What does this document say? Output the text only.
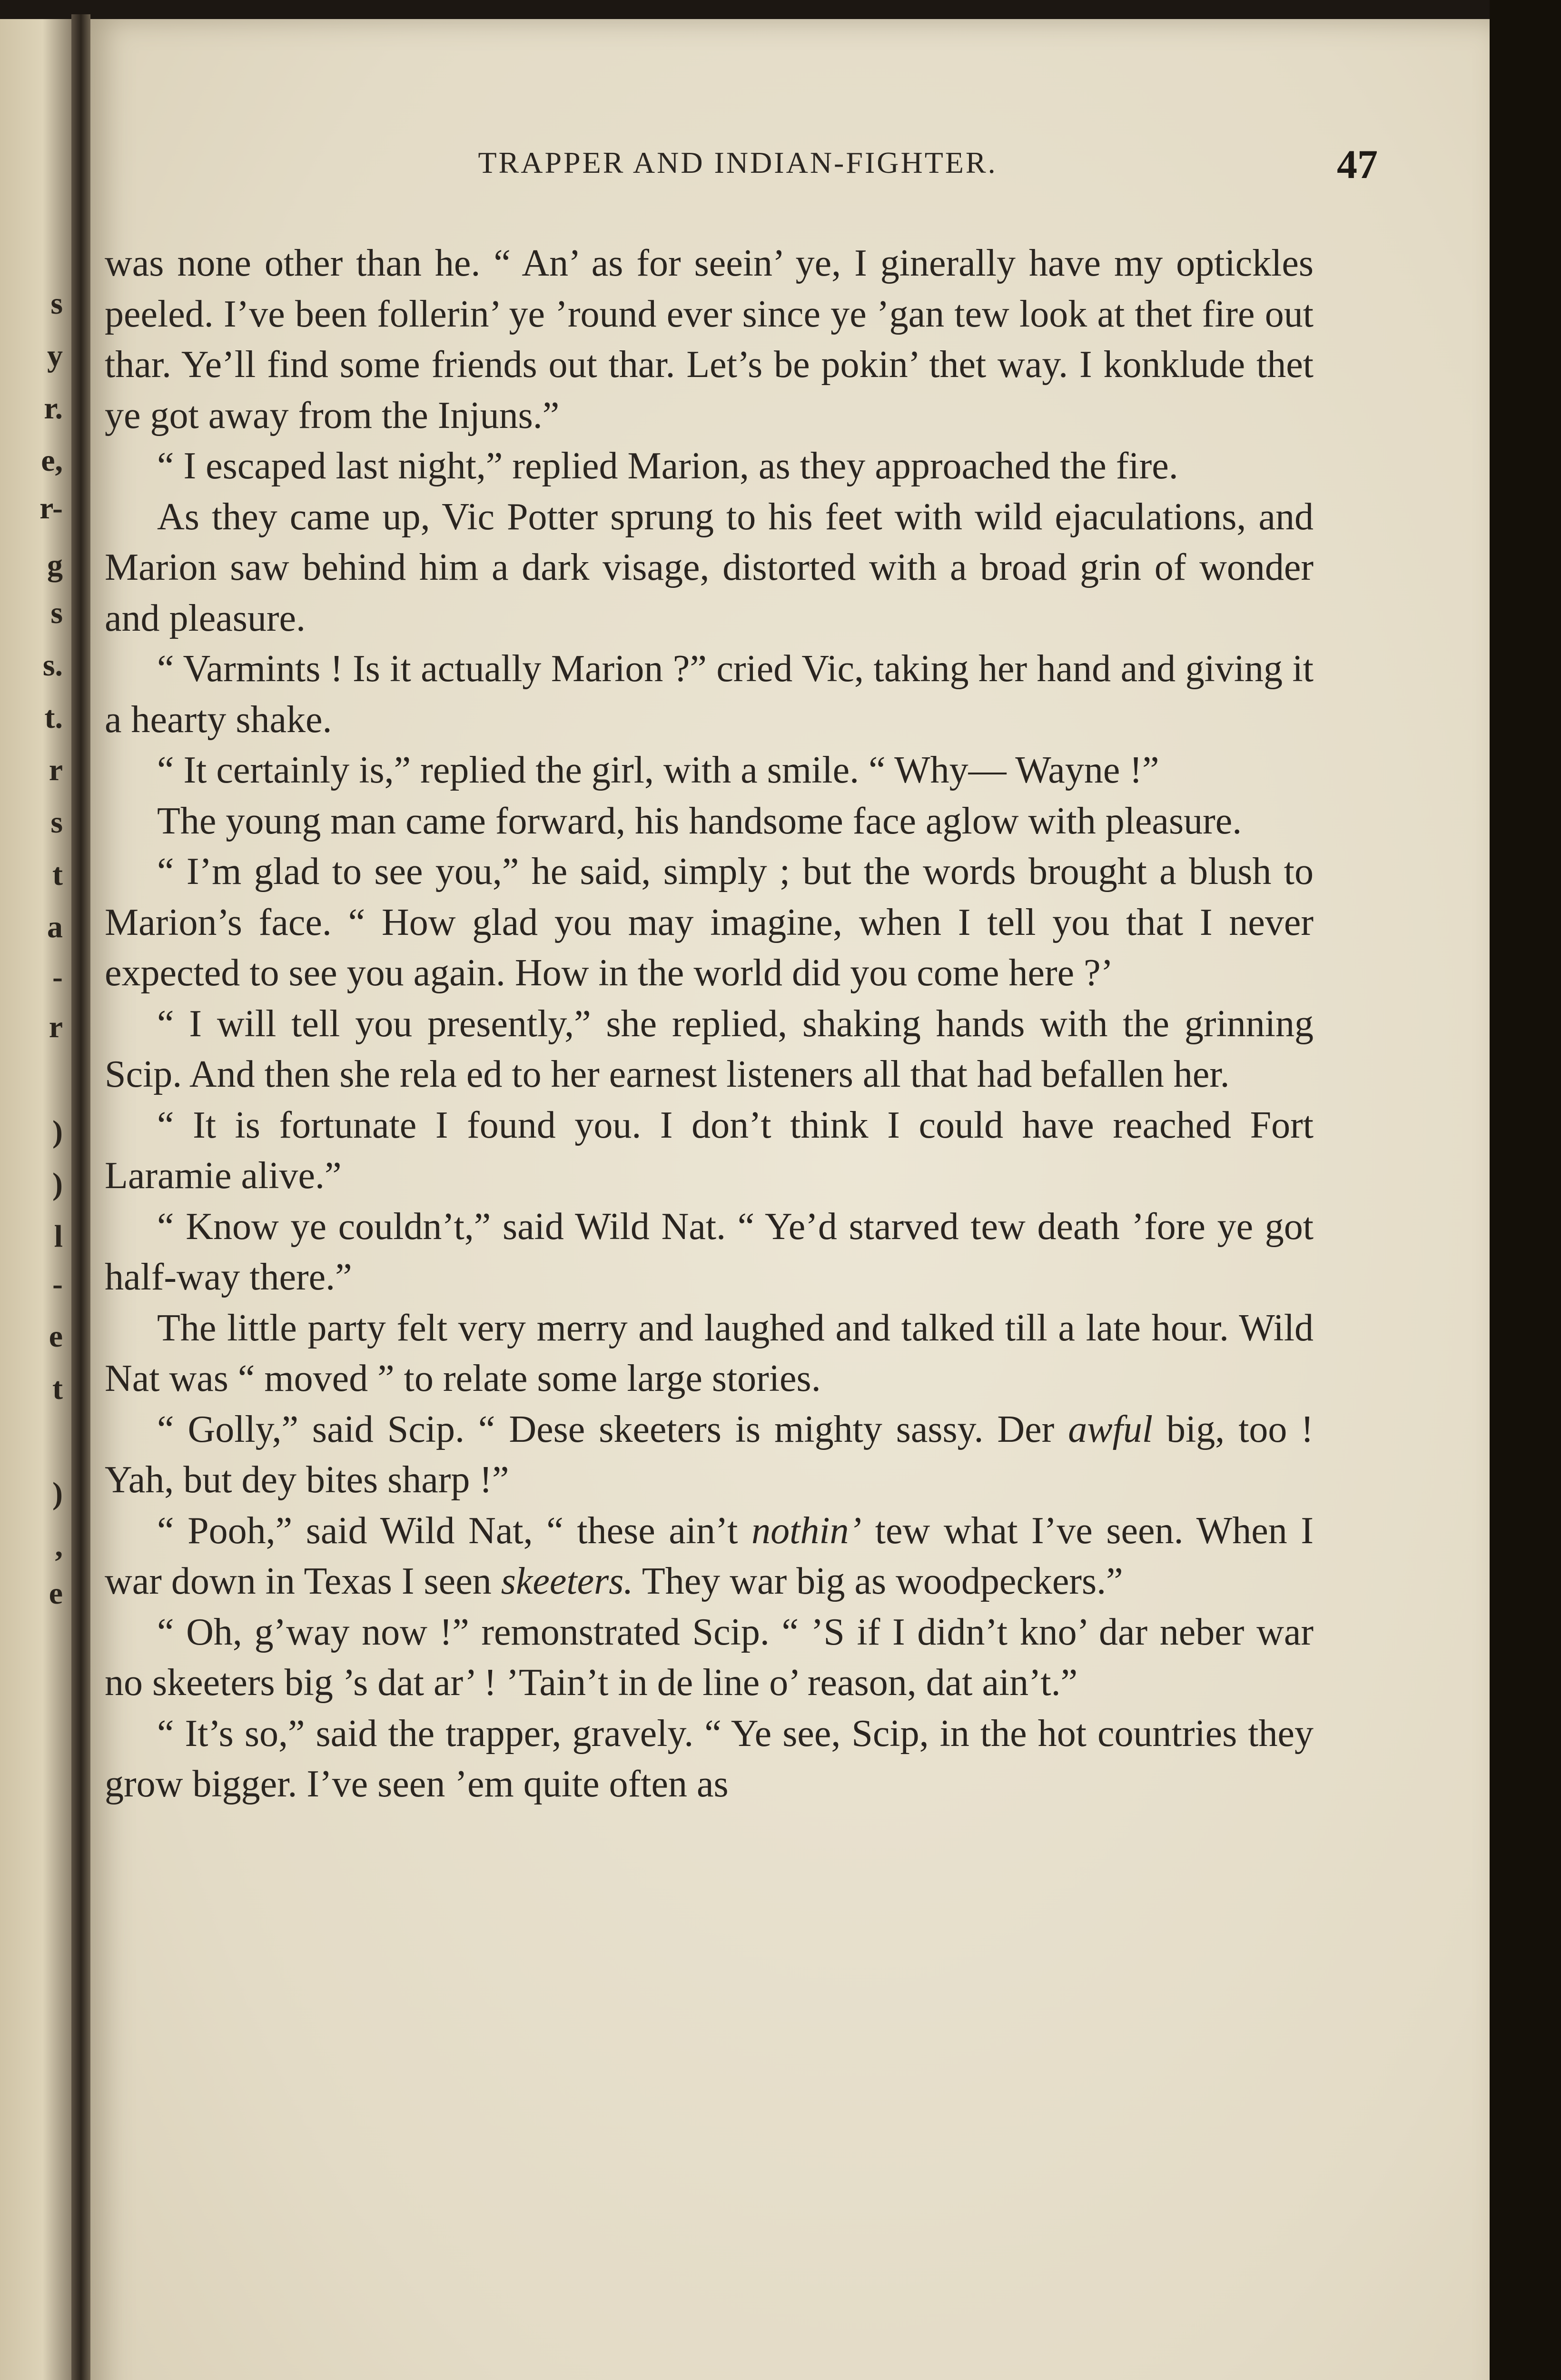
s
y
r.
e,
r-
g
s
s.
t.
r
s
t
a
-
r
)
)
l
-
e
t
)
,
e
TRAPPER AND INDIAN-FIGHTER.	47

was none other than he. “ An’ as for seein’ ye, I ginerally have my optickles peeled. I’ve been follerin’ ye ’round ever since ye ’gan tew look at thet fire out thar. Ye’ll find some friends out thar. Let’s be pokin’ thet way. I konklude thet ye got away from the Injuns.”

“ I escaped last night,” replied Marion, as they approached the fire.

As they came up, Vic Potter sprung to his feet with wild ejaculations, and Marion saw behind him a dark visage, distorted with a broad grin of wonder and pleasure.

“ Varmints ! Is it actually Marion ?” cried Vic, taking her hand and giving it a hearty shake.

“ It certainly is,” replied the girl, with a smile. “ Why— Wayne !”

The young man came forward, his handsome face aglow with pleasure.

“ I’m glad to see you,” he said, simply ; but the words brought a blush to Marion’s face. “ How glad you may imagine, when I tell you that I never expected to see you again. How in the world did you come here ?’

“ I will tell you presently,” she replied, shaking hands with the grinning Scip. And then she rela ed to her earnest listeners all that had befallen her.

“ It is fortunate I found you. I don’t think I could have reached Fort Laramie alive.”

“ Know ye couldn’t,” said Wild Nat. “ Ye’d starved tew death ’fore ye got half-way there.”

The little party felt very merry and laughed and talked till a late hour. Wild Nat was “ moved ” to relate some large stories.

“ Golly,” said Scip. “ Dese skeeters is mighty sassy. Der awful big, too ! Yah, but dey bites sharp !”

“ Pooh,” said Wild Nat, “ these ain’t nothin’ tew what I’ve seen. When I war down in Texas I seen skeeters. They war big as woodpeckers.”

“ Oh, g’way now !” remonstrated Scip. “ ’S if I didn’t kno’ dar neber war no skeeters big ’s dat ar’ ! ’Tain’t in de line o’ reason, dat ain’t.”

“ It’s so,” said the trapper, gravely. “ Ye see, Scip, in the hot countries they grow bigger. I’ve seen ’em quite often as
